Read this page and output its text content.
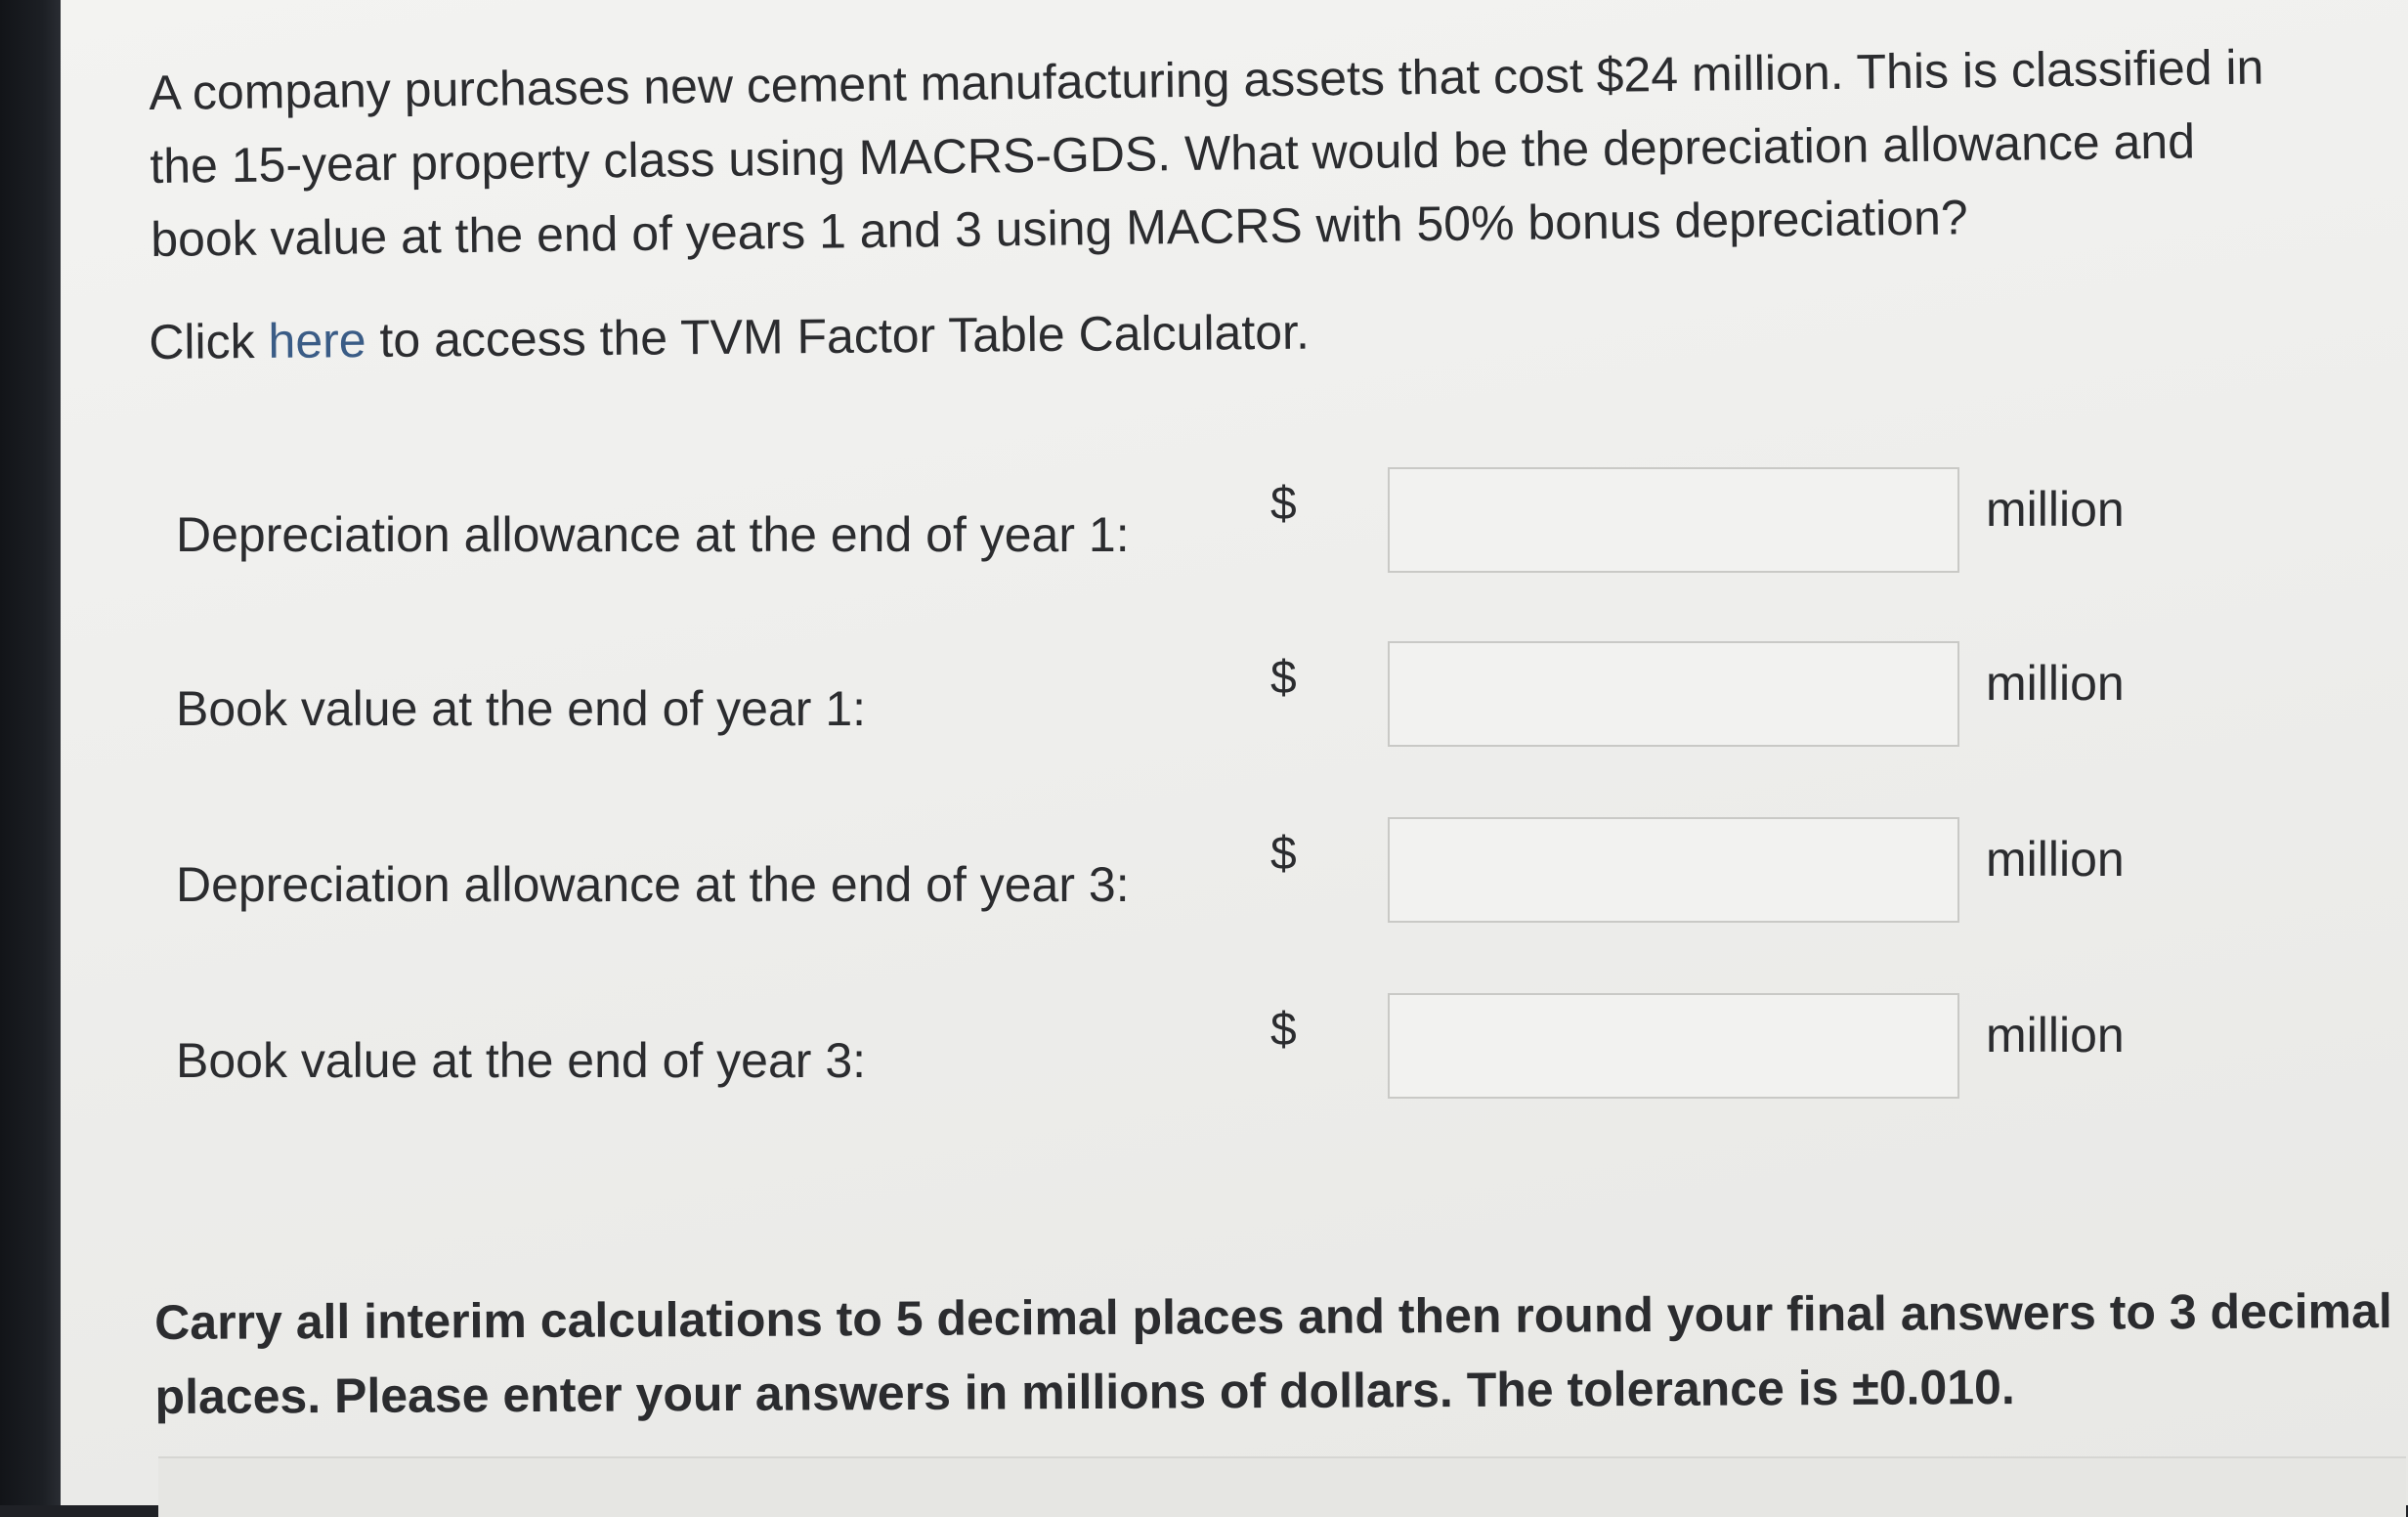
A company purchases new cement manufacturing assets that cost $24 million. This is classified in

the 15-year property class using MACRS-GDS. What would be the depreciation allowance and

book value at the end of years 1 and 3 using MACRS with 50% bonus depreciation?

Click here to access the TVM Factor Table Calculator.
Depreciation allowance at the end of year 1:
$	million
Book value at the end of year 1:
$	million
Depreciation allowance at the end of year 3:
$	million
Book value at the end of year 3:
$	million

Carry all interim calculations to 5 decimal places and then round your final answers to 3 decimal

places. Please enter your answers in millions of dollars. The tolerance is ±0.010.
